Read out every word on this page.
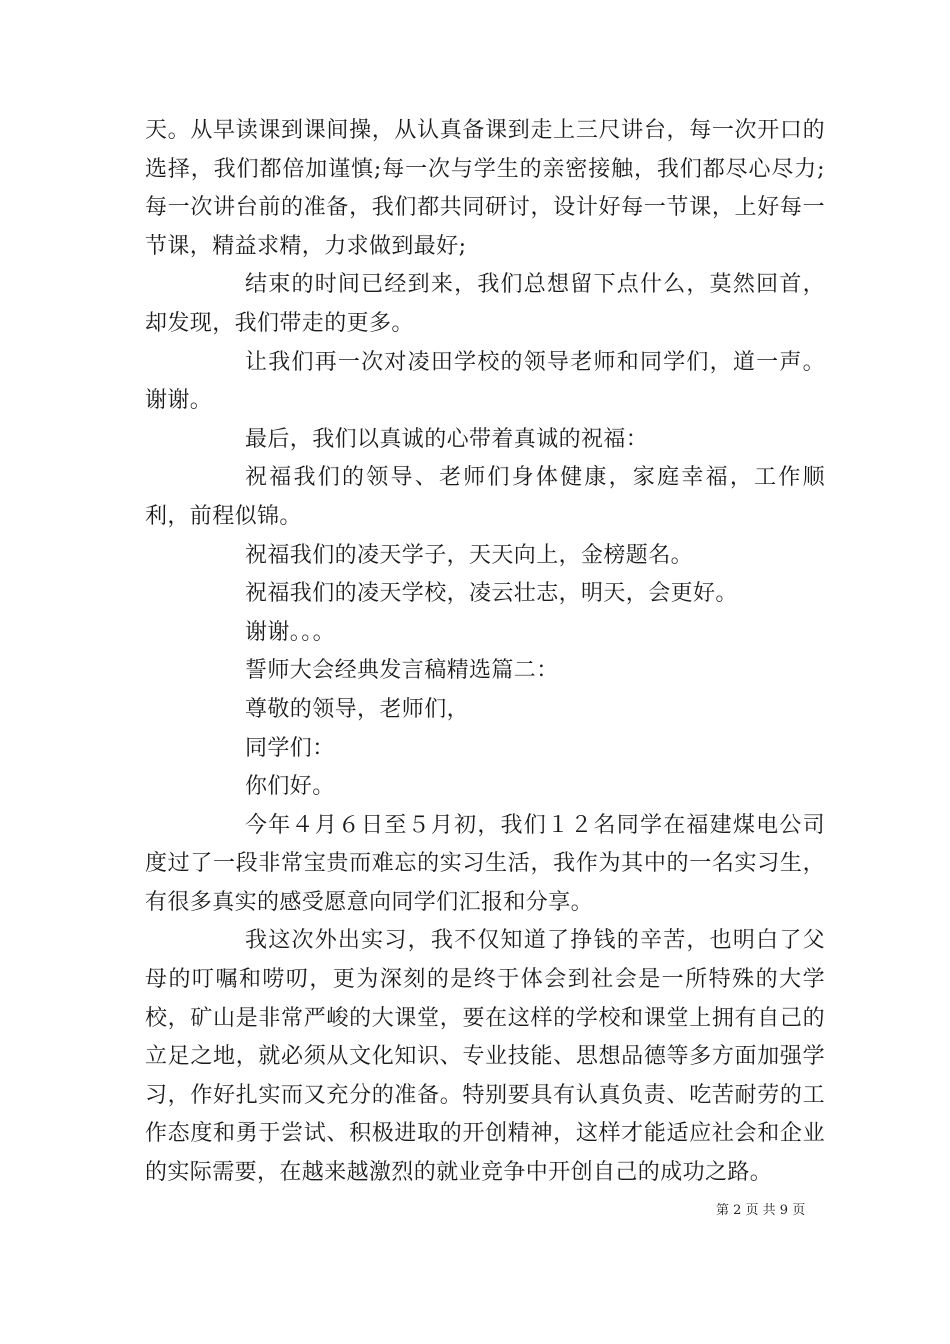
天。从早读课到课间操，从认真备课到走上三尺讲台，每一次开口的选择，我们都倍加谨慎;每一次与学生的亲密接触，我们都尽心尽力;每一次讲台前的准备，我们都共同研讨，设计好每一节课，上好每一节课，精益求精，力求做到最好;

结束的时间已经到来，我们总想留下点什么，莫然回首，却发现，我们带走的更多。

让我们再一次对凌田学校的领导老师和同学们，道一声。谢谢。

最后，我们以真诚的心带着真诚的祝福：

祝福我们的领导、老师们身体健康，家庭幸福，工作顺利，前程似锦。

祝福我们的凌天学子，天天向上，金榜题名。

祝福我们的凌天学校，凌云壮志，明天，会更好。

谢谢。。。

誓师大会经典发言稿精选篇二：

尊敬的领导，老师们，

同学们：

你们好。

今年４月６日至５月初，我们１２名同学在福建煤电公司度过了一段非常宝贵而难忘的实习生活，我作为其中的一名实习生，有很多真实的感受愿意向同学们汇报和分享。

我这次外出实习，我不仅知道了挣钱的辛苦，也明白了父母的叮嘱和唠叨，更为深刻的是终于体会到社会是一所特殊的大学校，矿山是非常严峻的大课堂，要在这样的学校和课堂上拥有自己的立足之地，就必须从文化知识、专业技能、思想品德等多方面加强学习，作好扎实而又充分的准备。特别要具有认真负责、吃苦耐劳的工作态度和勇于尝试、积极进取的开创精神，这样才能适应社会和企业的实际需要，在越来越激烈的就业竞争中开创自己的成功之路。

第 2 页 共 9 页
